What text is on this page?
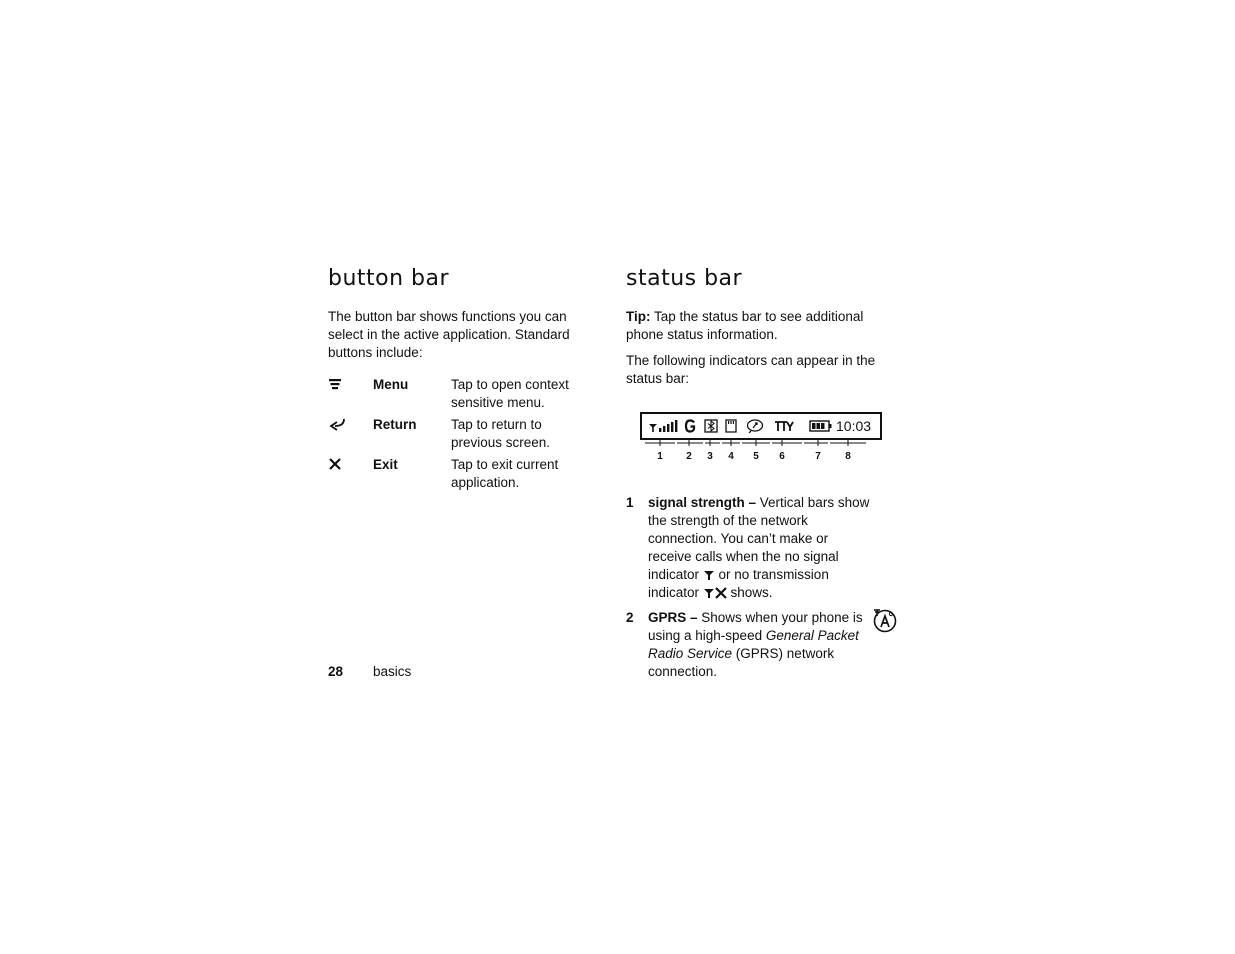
button bar

The button bar shows functions you can select in the active application. Standard buttons include:

Menu	Tap to open context sensitive menu.
Return	Tap to return to previous screen.
Exit	Tap to exit current application.
status bar

Tip: Tap the status bar to see additional phone status information.

The following indicators can appear in the status bar:

10:03
1 2 3 4 5 6	7 8
1	signal strength – Vertical bars show the strength of the network connection. You can’t make or receive calls when the no signal indicator  or no transmission indicator  shows.
2	GPRS – Shows when your phone is using a high-speed General Packet Radio Service (GPRS) network connection.
28	basics
